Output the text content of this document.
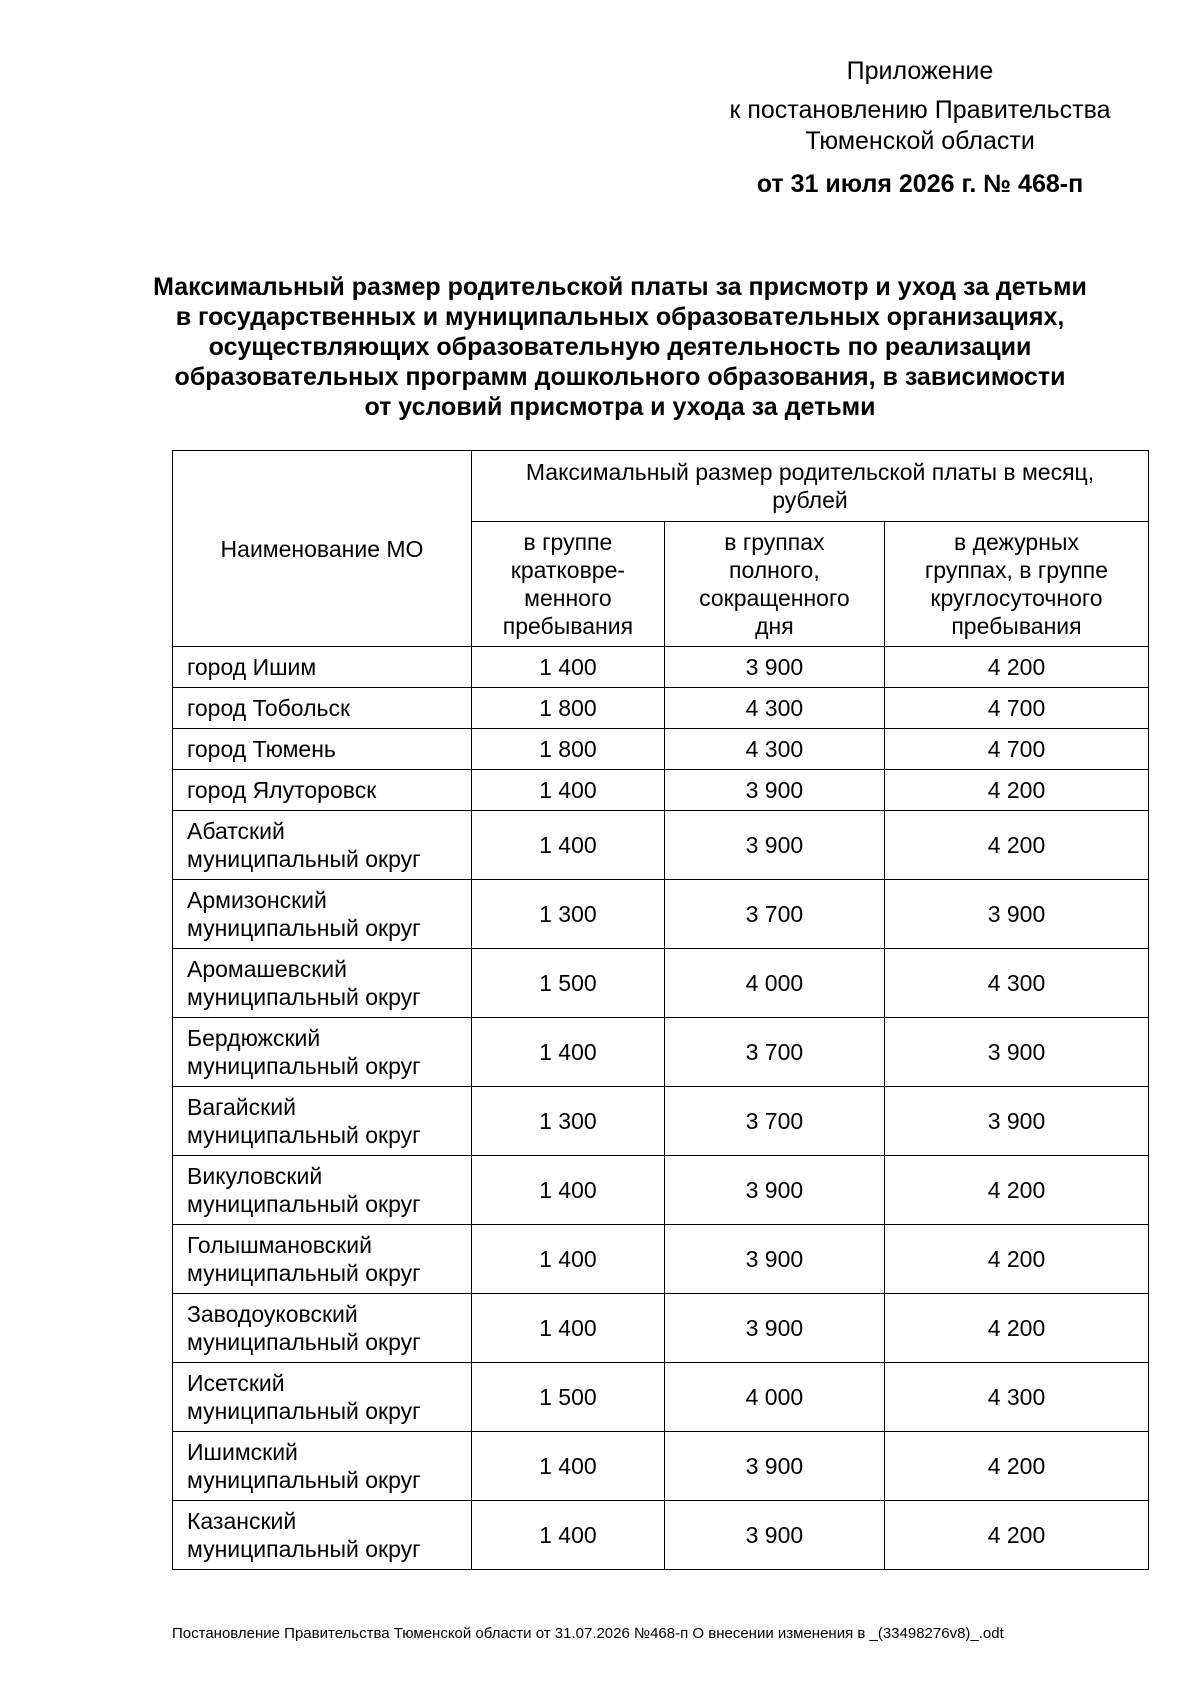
Приложение
к постановлению Правительства
Тюменской области
от 31 июля 2026 г. № 468-п
Максимальный размер родительской платы за присмотр и уход за детьми
в государственных и муниципальных образовательных организациях,
осуществляющих образовательную деятельность по реализации
образовательных программ дошкольного образования, в зависимости
от условий присмотра и ухода за детьми
Наименование МО	Максимальный размер родительской платы в месяц,
рублей		
	в группе
кратковре-
менного
пребывания	в группах
полного,
сокращенного
дня	в дежурных
группах, в группе
круглосуточного
пребывания
город Ишим	1 400	3 900	4 200
город Тобольск	1 800	4 300	4 700
город Тюмень	1 800	4 300	4 700
город Ялуторовск	1 400	3 900	4 200
Абатский
муниципальный округ	1 400	3 900	4 200
Армизонский
муниципальный округ	1 300	3 700	3 900
Аромашевский
муниципальный округ	1 500	4 000	4 300
Бердюжский
муниципальный округ	1 400	3 700	3 900
Вагайский
муниципальный округ	1 300	3 700	3 900
Викуловский
муниципальный округ	1 400	3 900	4 200
Голышмановский
муниципальный округ	1 400	3 900	4 200
Заводоуковский
муниципальный округ	1 400	3 900	4 200
Исетский
муниципальный округ	1 500	4 000	4 300
Ишимский
муниципальный округ	1 400	3 900	4 200
Казанский
муниципальный округ	1 400	3 900	4 200
Постановление Правительства Тюменской области от 31.07.2026 №468-п О внесении изменения в _(33498276v8)_.odt
